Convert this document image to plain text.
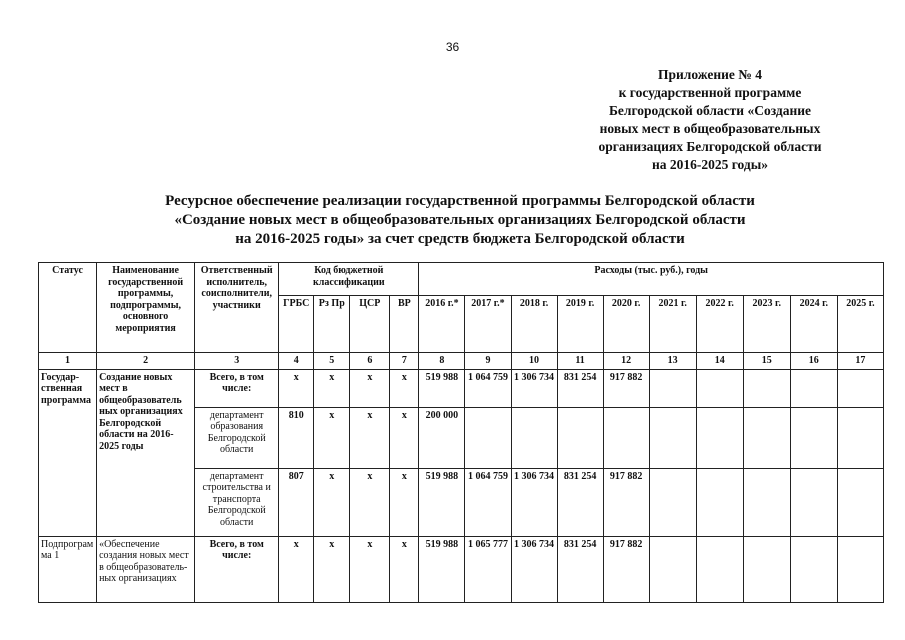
36
Приложение № 4
к государственной программе
Белгородской области «Создание
новых мест в общеобразовательных
организациях Белгородской области
на 2016-2025 годы»
Ресурсное обеспечение реализации государственной программы Белгородской области
«Создание новых мест в общеобразовательных организациях Белгородской области
на 2016-2025 годы» за счет средств бюджета Белгородской области
Статус	Наименование государственной программы, подпрограммы, основного мероприятия	Ответственный исполнитель, соисполнители, участники	Код бюджетной классификации				Расходы (тыс. руб.), годы									
			ГРБС	Рз Пр	ЦСР	ВР	2016 г.*	2017 г.*	2018 г.	2019 г.	2020 г.	2021 г.	2022 г.	2023 г.	2024 г.	2025 г.
1	2	3	4	5	6	7	8	9	10	11	12	13	14	15	16	17
Государ-ственная программа	Создание новых мест в общеобразователь ных организациях Белгородской области на 2016-2025 годы	Всего, в том числе:	x	x	x	x	519 988	1 064 759	1 306 734	831 254	917 882					
		департамент образования Белгородской области	810	x	x	x	200 000									
		департамент строительства и транспорта Белгородской области	807	x	x	x	519 988	1 064 759	1 306 734	831 254	917 882					
Подпрограм ма 1	«Обеспечение создания новых мест в общеобразователь-ных организациях	Всего, в том числе:	x	x	x	x	519 988	1 065 777	1 306 734	831 254	917 882					
